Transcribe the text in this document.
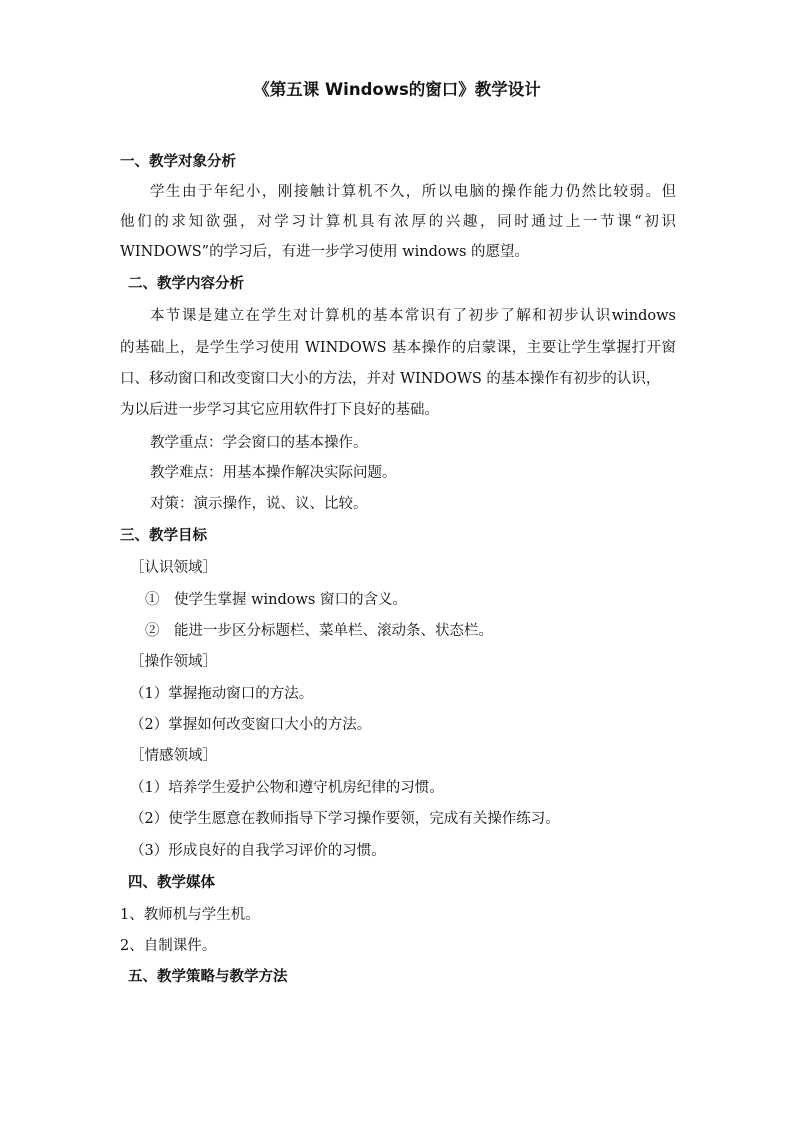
《第五课 Windows的窗口》教学设计
一、教学对象分析
学生由于年纪小，刚接触计算机不久，所以电脑的操作能力仍然比较弱。但
他们的求知欲强，对学习计算机具有浓厚的兴趣，同时通过上一节课“初识
WINDOWS”的学习后，有进一步学习使用 windows 的愿望。
二、教学内容分析
本节课是建立在学生对计算机的基本常识有了初步了解和初步认识windows
的基础上，是学生学习使用 WINDOWS 基本操作的启蒙课，主要让学生掌握打开窗
口、移动窗口和改变窗口大小的方法，并对 WINDOWS 的基本操作有初步的认识，
为以后进一步学习其它应用软件打下良好的基础。
教学重点：学会窗口的基本操作。
教学难点：用基本操作解决实际问题。
对策：演示操作，说、议、比较。
三、教学目标
［认识领域］
①　使学生掌握 windows 窗口的含义。
②　能进一步区分标题栏、菜单栏、滚动条、状态栏。
［操作领域］
（1）掌握拖动窗口的方法。
（2）掌握如何改变窗口大小的方法。
［情感领域］
（1）培养学生爱护公物和遵守机房纪律的习惯。
（2）使学生愿意在教师指导下学习操作要领，完成有关操作练习。
（3）形成良好的自我学习评价的习惯。
四、教学媒体
1、教师机与学生机。
2、自制课件。
五、教学策略与教学方法
